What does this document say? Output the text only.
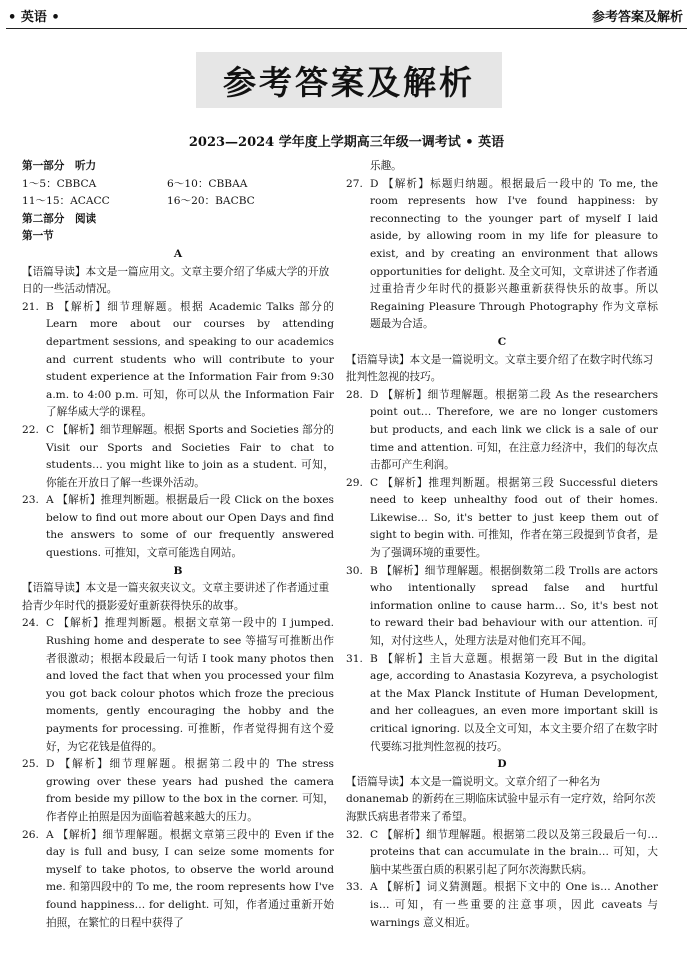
• 英语 •	参考答案及解析
参考答案及解析
2023—2024 学年度上学期高三年级一调考试 • 英语

第一部分　听力

1～5：CBBCA	6～10：CBBAA
11～15：ACACC	16～20：BACBC

第二部分　阅读

第一节

A

【语篇导读】本文是一篇应用文。文章主要介绍了华威大学的开放日的一些活动情况。

21. B 【解析】细节理解题。根据 Academic Talks 部分的 Learn more about our courses by attending department sessions, and speaking to our academics and current students who will contribute to your student experience at the Information Fair from 9:30 a.m. to 4:00 p.m. 可知，你可以从 the Information Fair 了解华威大学的课程。

22. C 【解析】细节理解题。根据 Sports and Societies 部分的 Visit our Sports and Societies Fair to chat to students… you might like to join as a student. 可知，你能在开放日了解一些课外活动。

23. A 【解析】推理判断题。根据最后一段 Click on the boxes below to find out more about our Open Days and find the answers to some of our frequently answered questions. 可推知，文章可能选自网站。

B

【语篇导读】本文是一篇夹叙夹议文。文章主要讲述了作者通过重拾青少年时代的摄影爱好重新获得快乐的故事。

24. C 【解析】推理判断题。根据文章第一段中的 I jumped. Rushing home and desperate to see 等描写可推断出作者很激动；根据本段最后一句话 I took many photos then and loved the fact that when you processed your film you got back colour photos which froze the precious moments, gently encouraging the hobby and the payments for processing. 可推断，作者觉得拥有这个爱好，为它花钱是值得的。

25. D 【解析】细节理解题。根据第二段中的 The stress growing over these years had pushed the camera from beside my pillow to the box in the corner. 可知，作者停止拍照是因为面临着越来越大的压力。

26. A 【解析】细节理解题。根据文章第三段中的 Even if the day is full and busy, I can seize some moments for myself to take photos, to observe the world around me. 和第四段中的 To me, the room represents how I've found happiness… for delight. 可知，作者通过重新开始拍照，在繁忙的日程中获得了

乐趣。

27. D 【解析】标题归纳题。根据最后一段中的 To me, the room represents how I've found happiness: by reconnecting to the younger part of myself I laid aside, by allowing room in my life for pleasure to exist, and by creating an environment that allows opportunities for delight. 及全文可知，文章讲述了作者通过重拾青少年时代的摄影兴趣重新获得快乐的故事。所以 Regaining Pleasure Through Photography 作为文章标题最为合适。

C

【语篇导读】本文是一篇说明文。文章主要介绍了在数字时代练习批判性忽视的技巧。

28. D 【解析】细节理解题。根据第二段 As the researchers point out… Therefore, we are no longer customers but products, and each link we click is a sale of our time and attention. 可知，在注意力经济中，我们的每次点击都可产生利润。

29. C 【解析】推理判断题。根据第三段 Successful dieters need to keep unhealthy food out of their homes. Likewise… So, it's better to just keep them out of sight to begin with. 可推知，作者在第三段提到节食者，是为了强调环境的重要性。

30. B 【解析】细节理解题。根据倒数第二段 Trolls are actors who intentionally spread false and hurtful information online to cause harm… So, it's best not to reward their bad behaviour with our attention. 可知，对付这些人，处理方法是对他们充耳不闻。

31. B 【解析】主旨大意题。根据第一段 But in the digital age, according to Anastasia Kozyreva, a psychologist at the Max Planck Institute of Human Development, and her colleagues, an even more important skill is critical ignoring. 以及全文可知，本文主要介绍了在数字时代要练习批判性忽视的技巧。

D

【语篇导读】本文是一篇说明文。文章介绍了一种名为 donanemab 的新药在三期临床试验中显示有一定疗效，给阿尔茨海默氏病患者带来了希望。

32. C 【解析】细节理解题。根据第二段以及第三段最后一句… proteins that can accumulate in the brain… 可知，大脑中某些蛋白质的积累引起了阿尔茨海默氏病。

33. A 【解析】词义猜测题。根据下文中的 One is… Another is… 可知，有一些重要的注意事项，因此 caveats 与 warnings 意义相近。
